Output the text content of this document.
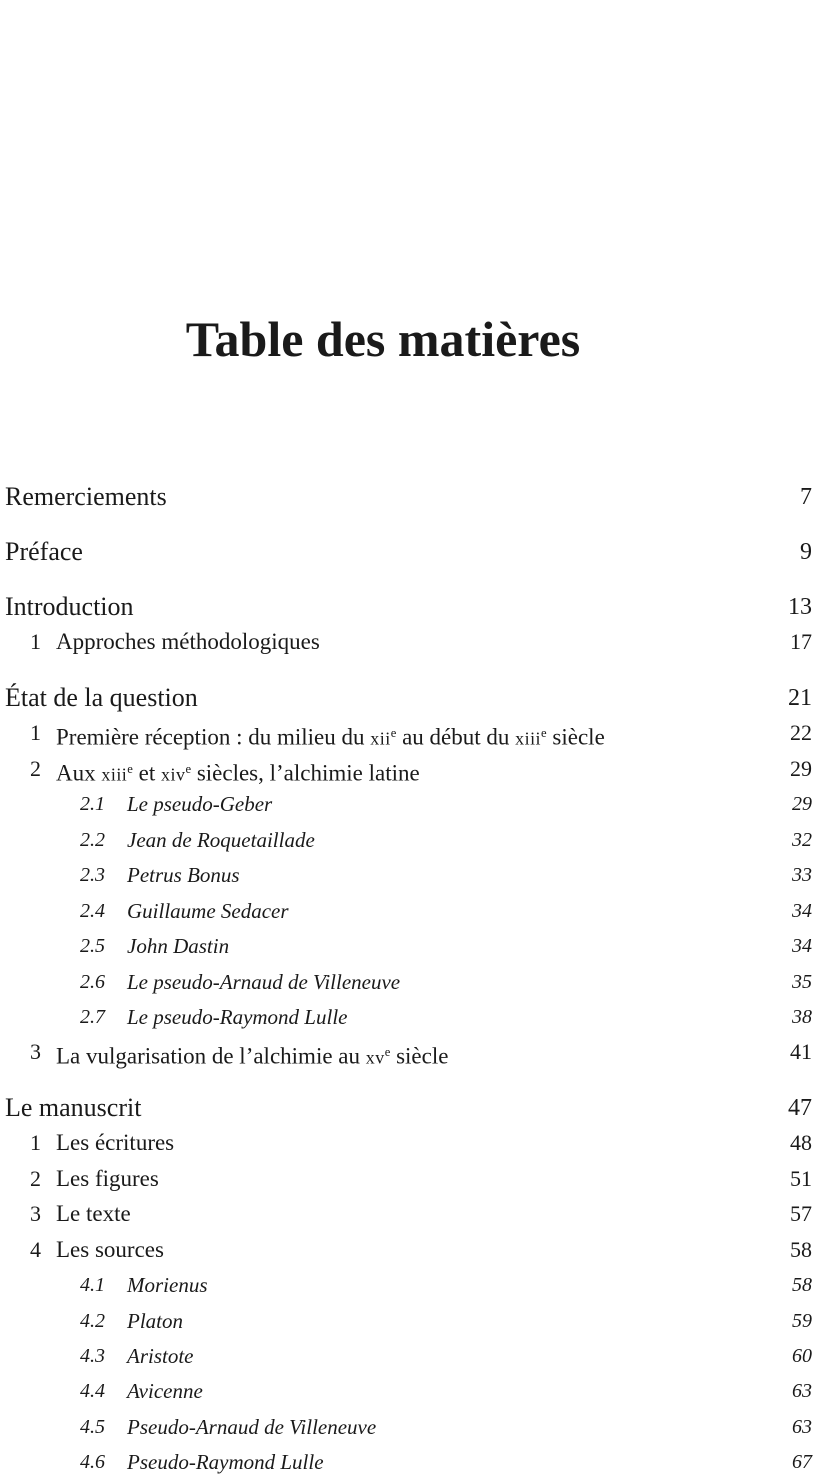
Table des matières
Remerciements	7
Préface	9
Introduction	13
1 Approches méthodologiques	17
État de la question	21
1 Première réception : du milieu du xii$^e$ au début du xiii$^e$ siècle	22
2 Aux xiii$^e$ et xiv$^e$ siècles, l’alchimie latine	29
2.1 Le pseudo-Geber	29
2.2 Jean de Roquetaillade	32
2.3 Petrus Bonus	33
2.4 Guillaume Sedacer	34
2.5 John Dastin	34
2.6 Le pseudo-Arnaud de Villeneuve	35
2.7 Le pseudo-Raymond Lulle	38
3 La vulgarisation de l’alchimie au $xv^e$ siècle	41
Le manuscrit	47
1 Les écritures	48
2 Les figures	51
3 Le texte	57
4 Les sources	58
4.1 Morienus	58
4.2 Platon	59
4.3 Aristote	60
4.4 Avicenne	63
4.5 Pseudo-Arnaud de Villeneuve	63
4.6 Pseudo-Raymond Lulle	67
